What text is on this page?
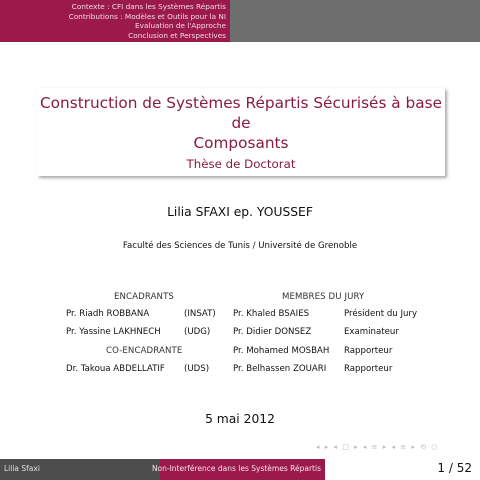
Contexte : CFI dans les Systèmes Répartis
Contributions : Modèles et Outils pour la NI
Evaluation de l'Approche
Conclusion et Perspectives
Construction de Systèmes Répartis Sécurisés à base de
Composants
Thèse de Doctorat
Lilia SFAXI ep. YOUSSEF
Faculté des Sciences de Tunis / Université de Grenoble
ENCADRANTS
Pr. Riadh ROBBANA	(INSAT)
Pr. Yassine LAKHNECH	(UDG)
CO-ENCADRANTE
Dr. Takoua ABDELLATIF (UDS)
MEMBRES DU JURY
Pr. Khaled BSAIES	Président du Jury
Pr. Didier DONSEZ	Examinateur
Pr. Mohamed MOSBAH Rapporteur
Pr. Belhassen ZOUARI Rapporteur
5 mai 2012
◂ ▸ ◂ □ ▸ ◂ ≡ ▸ ◂ ≡ ▸ ⟲ ○
Lilia Sfaxi	Non-Interférence dans les Systèmes Répartis	1 / 52
